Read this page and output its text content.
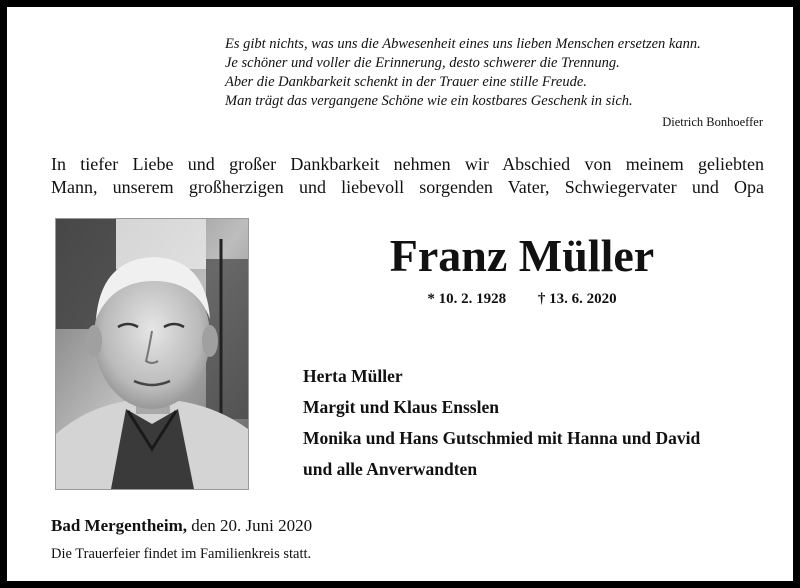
Es gibt nichts, was uns die Abwesenheit eines uns lieben Menschen ersetzen kann.
Je schöner und voller die Erinnerung, desto schwerer die Trennung.
Aber die Dankbarkeit schenkt in der Trauer eine stille Freude.
Man trägt das vergangene Schöne wie ein kostbares Geschenk in sich.
Dietrich Bonhoeffer
In tiefer Liebe und großer Dankbarkeit nehmen wir Abschied von meinem geliebten
Mann, unserem großherzigen und liebevoll sorgenden Vater, Schwiegervater und Opa
Franz Müller
* 10. 2. 1928 † 13. 6. 2020
Herta Müller
Margit und Klaus Ensslen
Monika und Hans Gutschmied mit Hanna und David
und alle Anverwandten
Bad Mergentheim, den 20. Juni 2020
Die Trauerfeier findet im Familienkreis statt.
